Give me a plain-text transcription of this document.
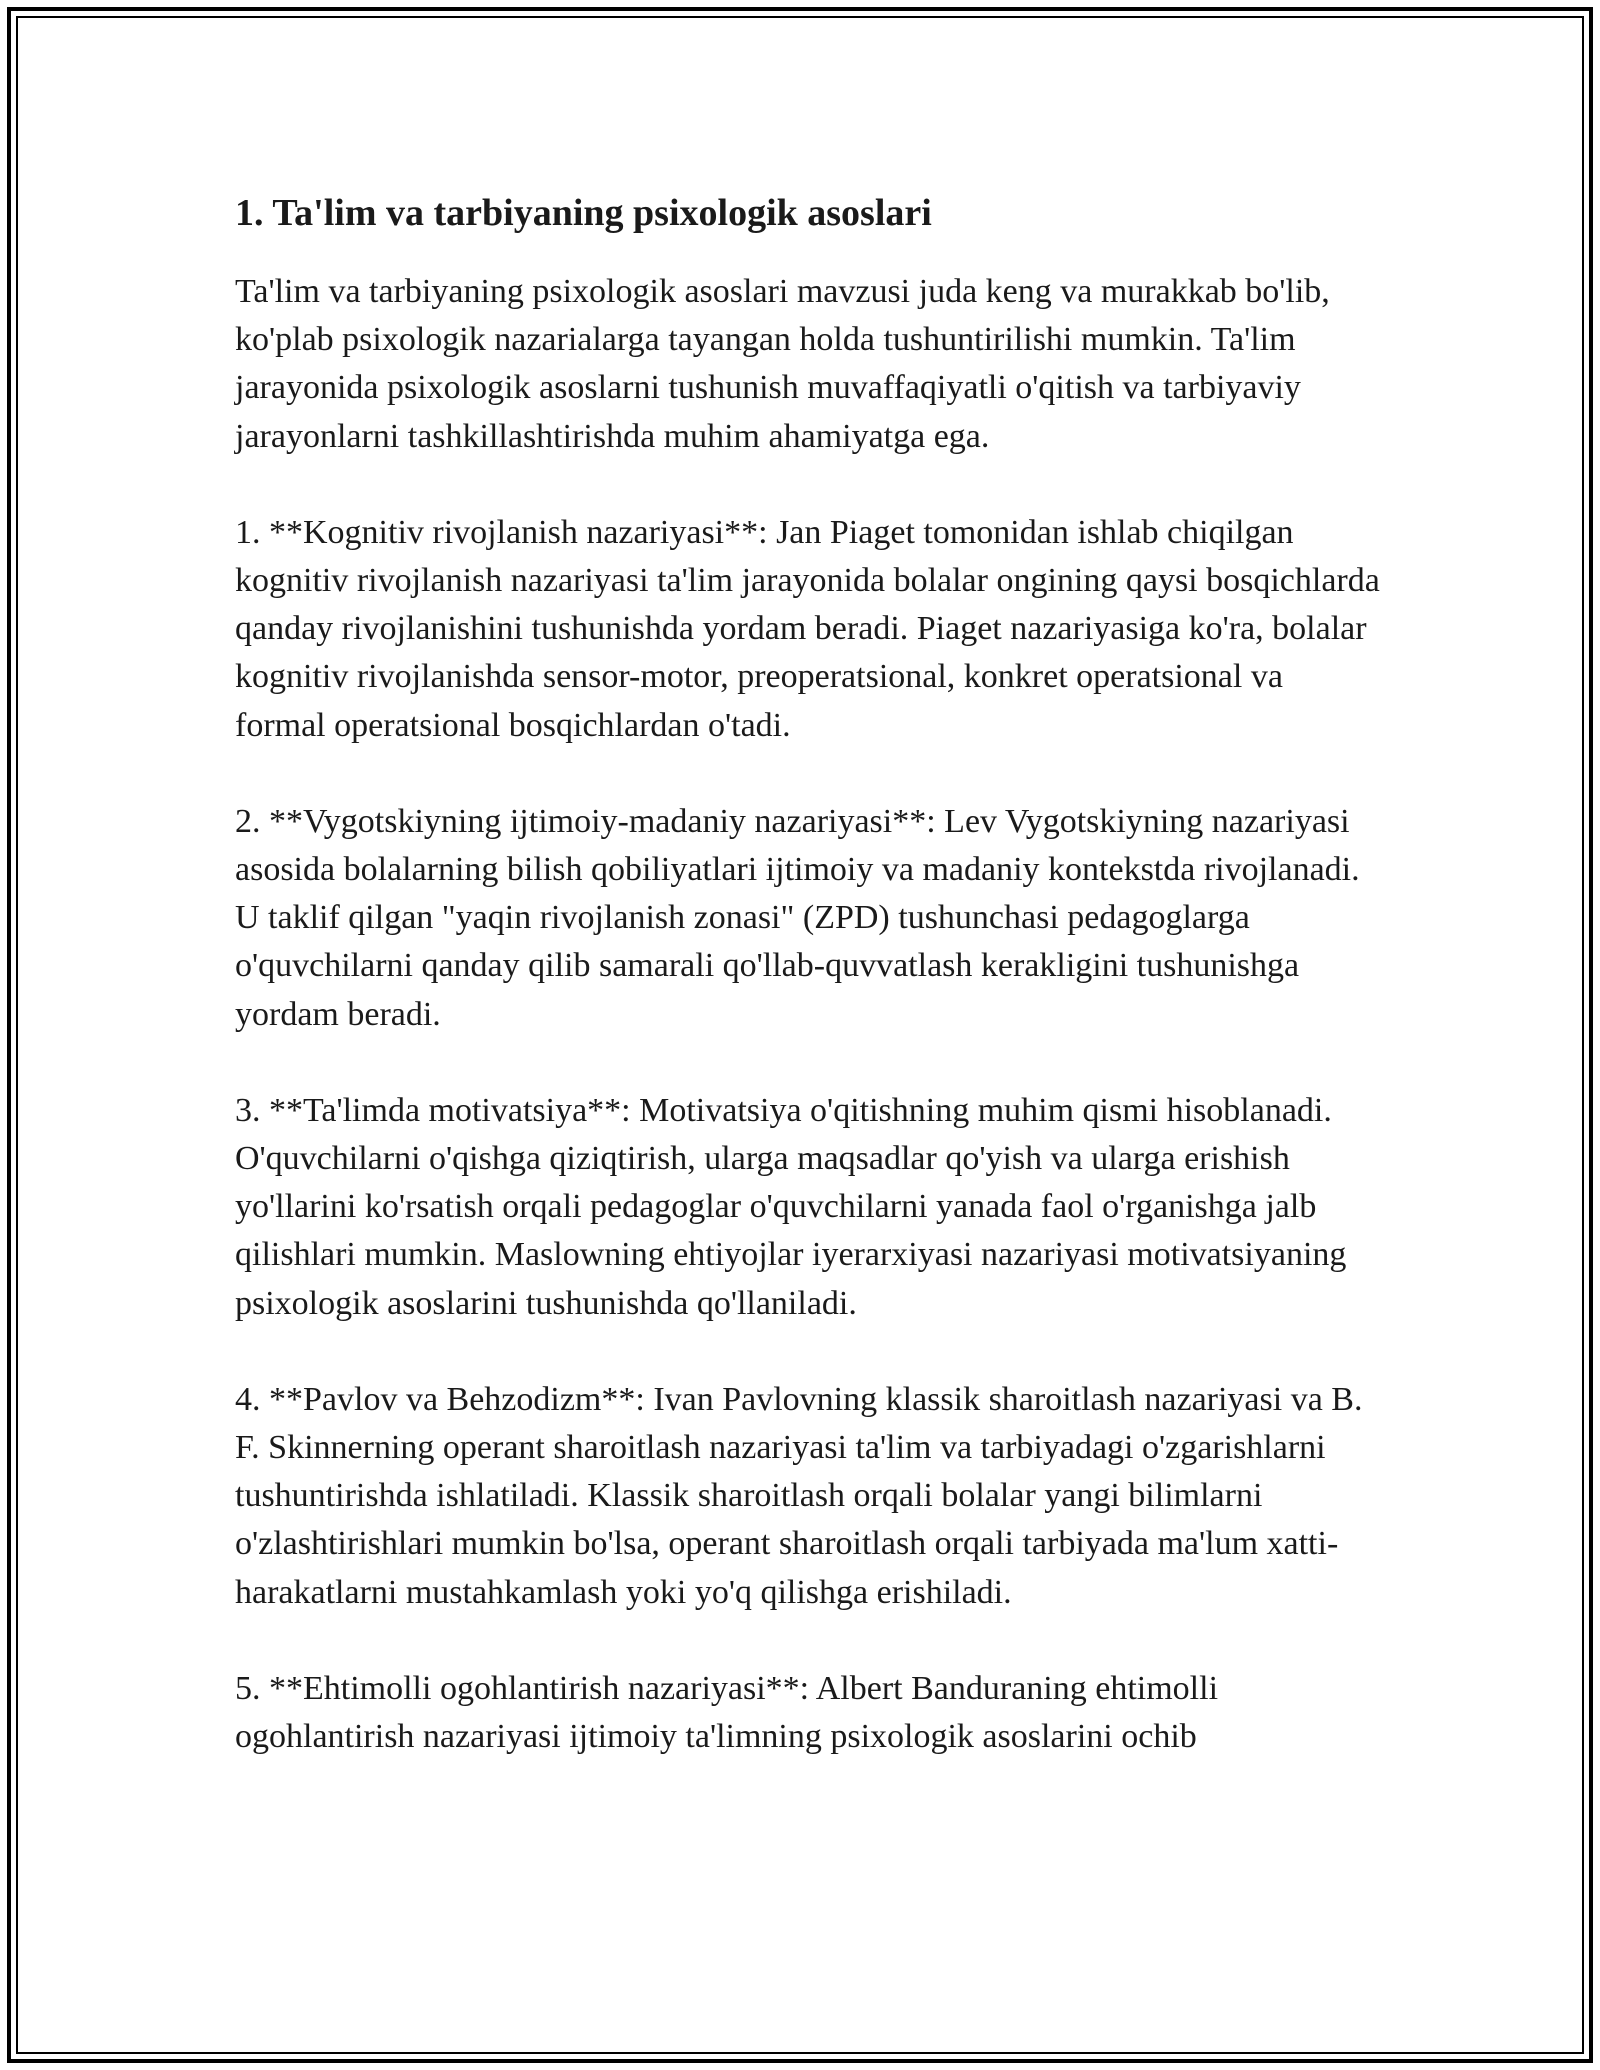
1. Ta'lim va tarbiyaning psixologik asoslari

Ta'lim va tarbiyaning psixologik asoslari mavzusi juda keng va murakkab bo'lib, ko'plab psixologik nazarialarga tayangan holda tushuntirilishi mumkin. Ta'lim jarayonida psixologik asoslarni tushunish muvaffaqiyatli o'qitish va tarbiyaviy jarayonlarni tashkillashtirishda muhim ahamiyatga ega.

1. **Kognitiv rivojlanish nazariyasi**: Jan Piaget tomonidan ishlab chiqilgan kognitiv rivojlanish nazariyasi ta'lim jarayonida bolalar ongining qaysi bosqichlarda qanday rivojlanishini tushunishda yordam beradi. Piaget nazariyasiga ko'ra, bolalar kognitiv rivojlanishda sensor-motor, preoperatsional, konkret operatsional va formal operatsional bosqichlardan o'tadi.

2. **Vygotskiyning ijtimoiy-madaniy nazariyasi**: Lev Vygotskiyning nazariyasi asosida bolalarning bilish qobiliyatlari ijtimoiy va madaniy kontekstda rivojlanadi. U taklif qilgan "yaqin rivojlanish zonasi" (ZPD) tushunchasi pedagoglarga o'quvchilarni qanday qilib samarali qo'llab-quvvatlash kerakligini tushunishga yordam beradi.

3. **Ta'limda motivatsiya**: Motivatsiya o'qitishning muhim qismi hisoblanadi. O'quvchilarni o'qishga qiziqtirish, ularga maqsadlar qo'yish va ularga erishish yo'llarini ko'rsatish orqali pedagoglar o'quvchilarni yanada faol o'rganishga jalb qilishlari mumkin. Maslowning ehtiyojlar iyerarxiyasi nazariyasi motivatsiyaning psixologik asoslarini tushunishda qo'llaniladi.

4. **Pavlov va Behzodizm**: Ivan Pavlovning klassik sharoitlash nazariyasi va B. F. Skinnerning operant sharoitlash nazariyasi ta'lim va tarbiyadagi o'zgarishlarni tushuntirishda ishlatiladi. Klassik sharoitlash orqali bolalar yangi bilimlarni o'zlashtirishlari mumkin bo'lsa, operant sharoitlash orqali tarbiyada ma'lum xatti-harakatlarni mustahkamlash yoki yo'q qilishga erishiladi.

5. **Ehtimolli ogohlantirish nazariyasi**: Albert Banduraning ehtimolli ogohlantirish nazariyasi ijtimoiy ta'limning psixologik asoslarini ochib
